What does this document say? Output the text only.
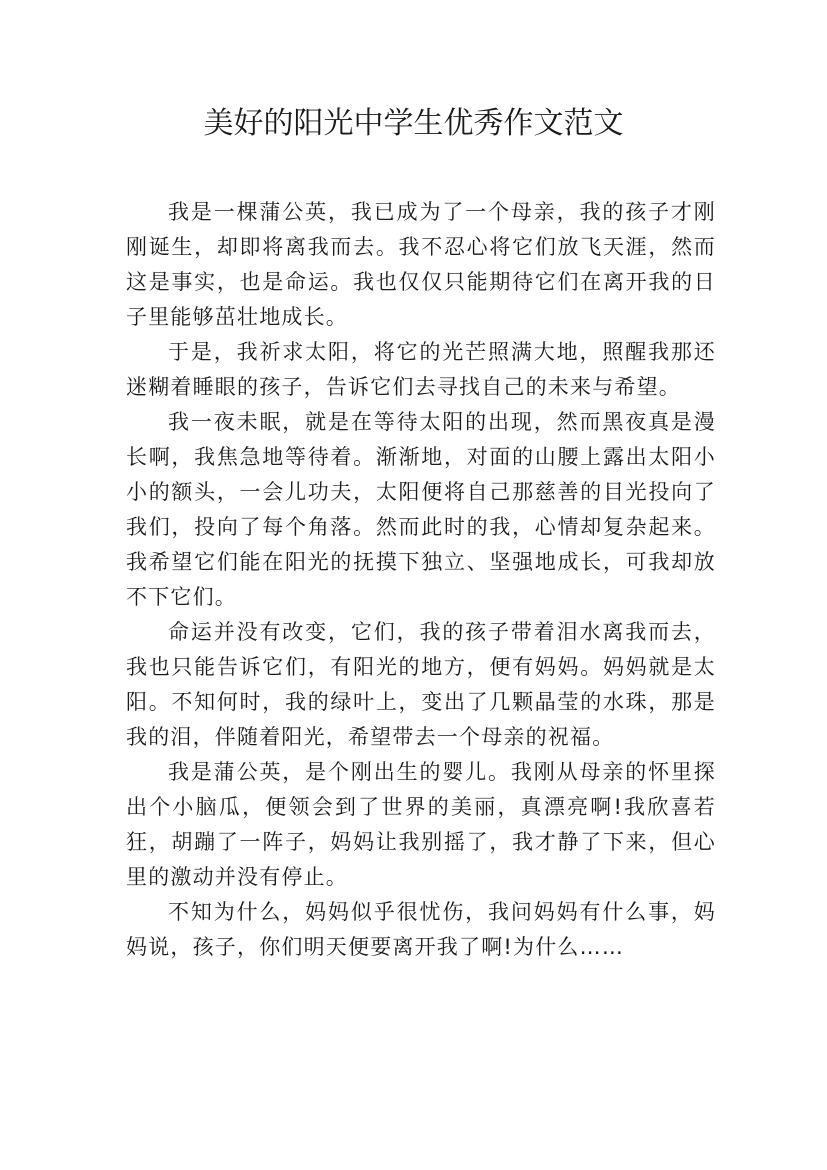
美好的阳光中学生优秀作文范文

我是一棵蒲公英，我已成为了一个母亲，我的孩子才刚刚诞生，却即将离我而去。我不忍心将它们放飞天涯，然而这是事实，也是命运。我也仅仅只能期待它们在离开我的日子里能够茁壮地成长。

于是，我祈求太阳，将它的光芒照满大地，照醒我那还迷糊着睡眼的孩子，告诉它们去寻找自己的未来与希望。

我一夜未眠，就是在等待太阳的出现，然而黑夜真是漫长啊，我焦急地等待着。渐渐地，对面的山腰上露出太阳小小的额头，一会儿功夫，太阳便将自己那慈善的目光投向了我们，投向了每个角落。然而此时的我，心情却复杂起来。我希望它们能在阳光的抚摸下独立、坚强地成长，可我却放不下它们。

命运并没有改变，它们，我的孩子带着泪水离我而去，我也只能告诉它们，有阳光的地方，便有妈妈。妈妈就是太阳。不知何时，我的绿叶上，变出了几颗晶莹的水珠，那是我的泪，伴随着阳光，希望带去一个母亲的祝福。

我是蒲公英，是个刚出生的婴儿。我刚从母亲的怀里探出个小脑瓜，便领会到了世界的美丽，真漂亮啊!我欣喜若狂，胡蹦了一阵子，妈妈让我别摇了，我才静了下来，但心里的激动并没有停止。

不知为什么，妈妈似乎很忧伤，我问妈妈有什么事，妈妈说，孩子，你们明天便要离开我了啊!为什么……
